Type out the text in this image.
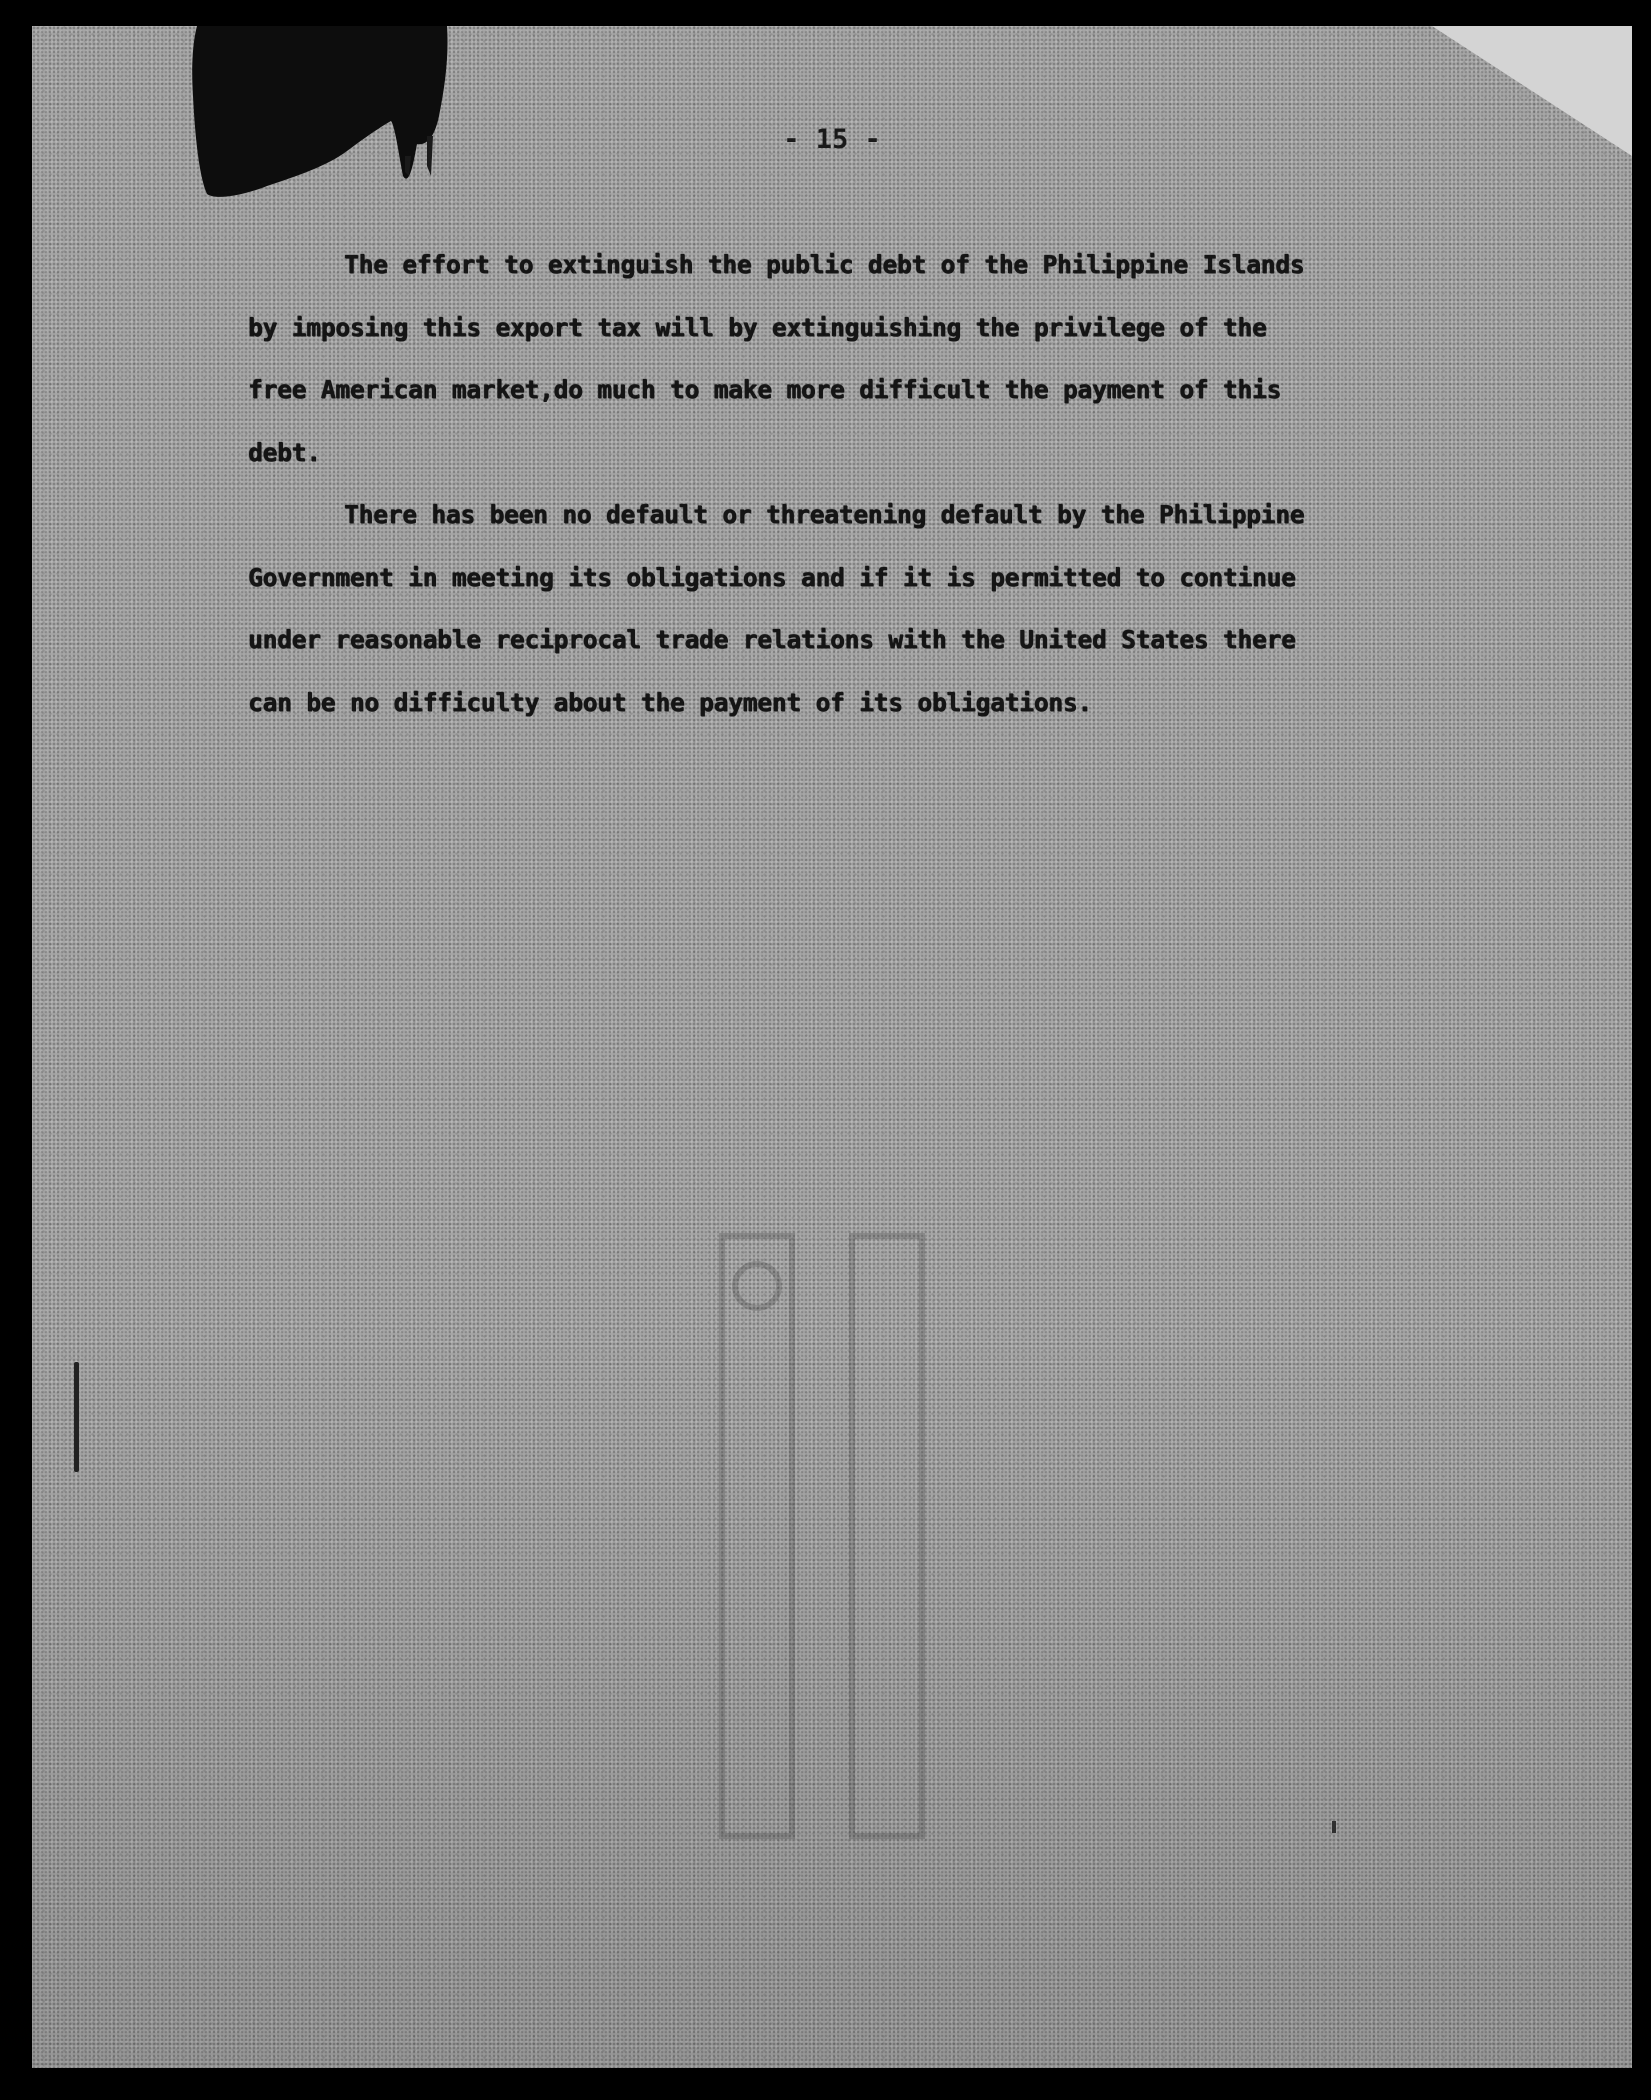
- 15 -
The effort to extinguish the public debt of the Philippine Islands
by imposing this export tax will by extinguishing the privilege of the
free American market,do much to make more difficult the payment of this
debt.
There has been no default or threatening default by the Philippine
Government in meeting its obligations and if it is permitted to continue
under reasonable reciprocal trade relations with the United States there
can be no difficulty about the payment of its obligations.
